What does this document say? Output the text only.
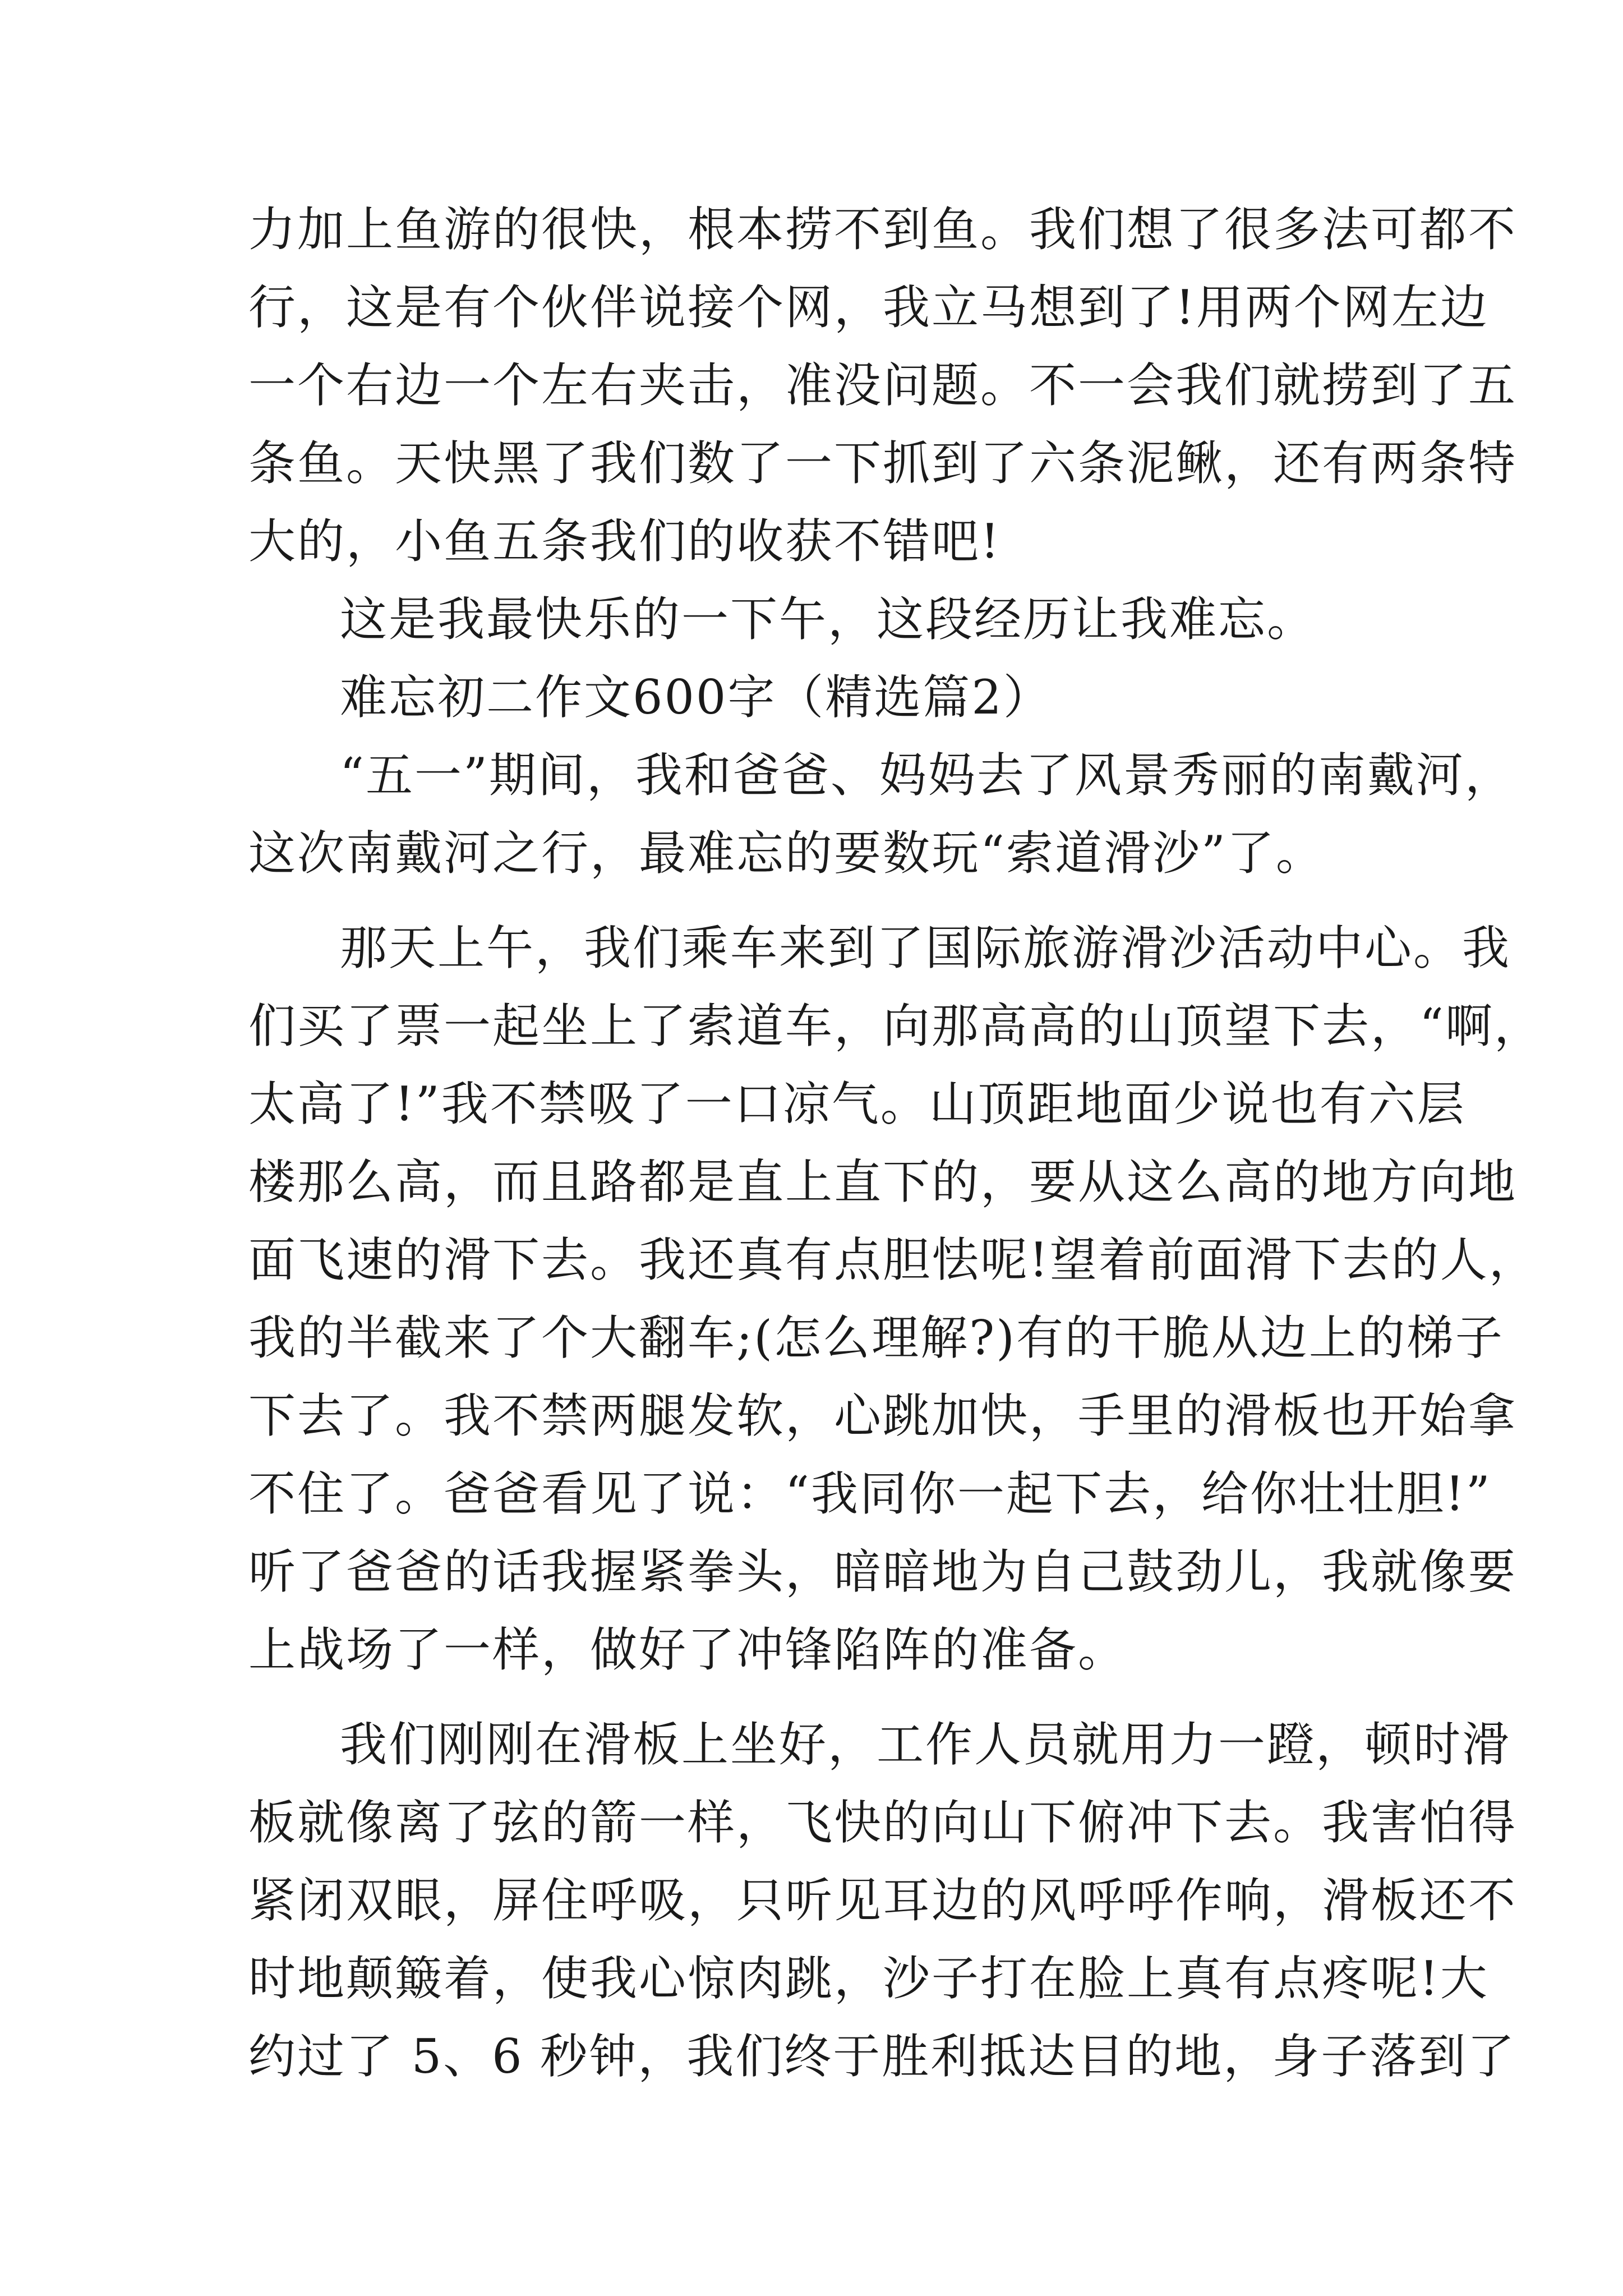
力加上鱼游的很快，根本捞不到鱼。我们想了很多法可都不
行，这是有个伙伴说接个网，我立马想到了!用两个网左边
一个右边一个左右夹击，准没问题。不一会我们就捞到了五
条鱼。天快黑了我们数了一下抓到了六条泥鳅，还有两条特
大的，小鱼五条我们的收获不错吧!
这是我最快乐的一下午，这段经历让我难忘。
难忘初二作文600字（精选篇2）
“五一”期间，我和爸爸、妈妈去了风景秀丽的南戴河，
这次南戴河之行，最难忘的要数玩“索道滑沙”了。
那天上午，我们乘车来到了国际旅游滑沙活动中心。我
们买了票一起坐上了索道车，向那高高的山顶望下去，“啊，
太高了!”我不禁吸了一口凉气。山顶距地面少说也有六层
楼那么高，而且路都是直上直下的，要从这么高的地方向地
面飞速的滑下去。我还真有点胆怯呢!望着前面滑下去的人，
我的半截来了个大翻车;(怎么理解?)有的干脆从边上的梯子
下去了。我不禁两腿发软，心跳加快，手里的滑板也开始拿
不住了。爸爸看见了说：“我同你一起下去，给你壮壮胆!”
听了爸爸的话我握紧拳头，暗暗地为自己鼓劲儿，我就像要
上战场了一样，做好了冲锋陷阵的准备。
我们刚刚在滑板上坐好，工作人员就用力一蹬，顿时滑
板就像离了弦的箭一样，飞快的向山下俯冲下去。我害怕得
紧闭双眼，屏住呼吸，只听见耳边的风呼呼作响，滑板还不
时地颠簸着，使我心惊肉跳，沙子打在脸上真有点疼呢!大
约过了 5、6 秒钟，我们终于胜利抵达目的地，身子落到了
